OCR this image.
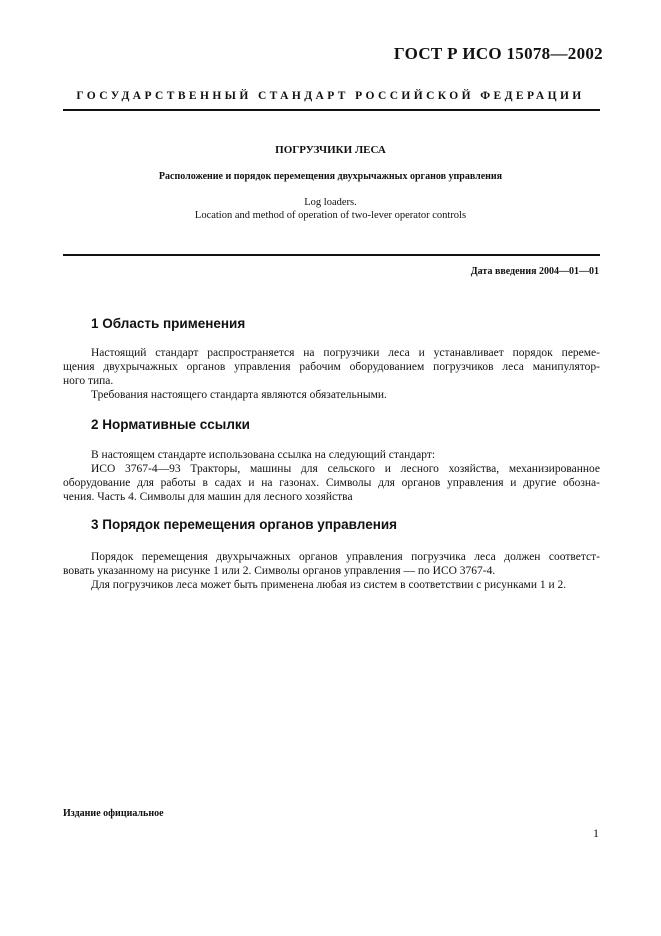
ГОСТ Р ИСО 15078—2002
ГОСУДАРСТВЕННЫЙ СТАНДАРТ РОССИЙСКОЙ ФЕДЕРАЦИИ
ПОГРУЗЧИКИ ЛЕСА
Расположение и порядок перемещения двухрычажных органов управления
Log loaders.
Location and method of operation of two-lever operator controls
Дата введения 2004—01—01
1 Область применения
Настоящий стандарт распространяется на погрузчики леса и устанавливает порядок переме-
щения двухрычажных органов управления рабочим оборудованием погрузчиков леса манипулятор-
ного типа.
Требования настоящего стандарта являются обязательными.
2 Нормативные ссылки
В настоящем стандарте использована ссылка на следующий стандарт:
ИСО 3767-4—93 Тракторы, машины для сельского и лесного хозяйства, механизированное
оборудование для работы в садах и на газонах. Символы для органов управления и другие обозна-
чения. Часть 4. Символы для машин для лесного хозяйства
3 Порядок перемещения органов управления
Порядок перемещения двухрычажных органов управления погрузчика леса должен соответст-
вовать указанному на рисунке 1 или 2. Символы органов управления — по ИСО 3767-4.
Для погрузчиков леса может быть применена любая из систем в соответствии с рисунками 1 и 2.
Издание официальное
1
